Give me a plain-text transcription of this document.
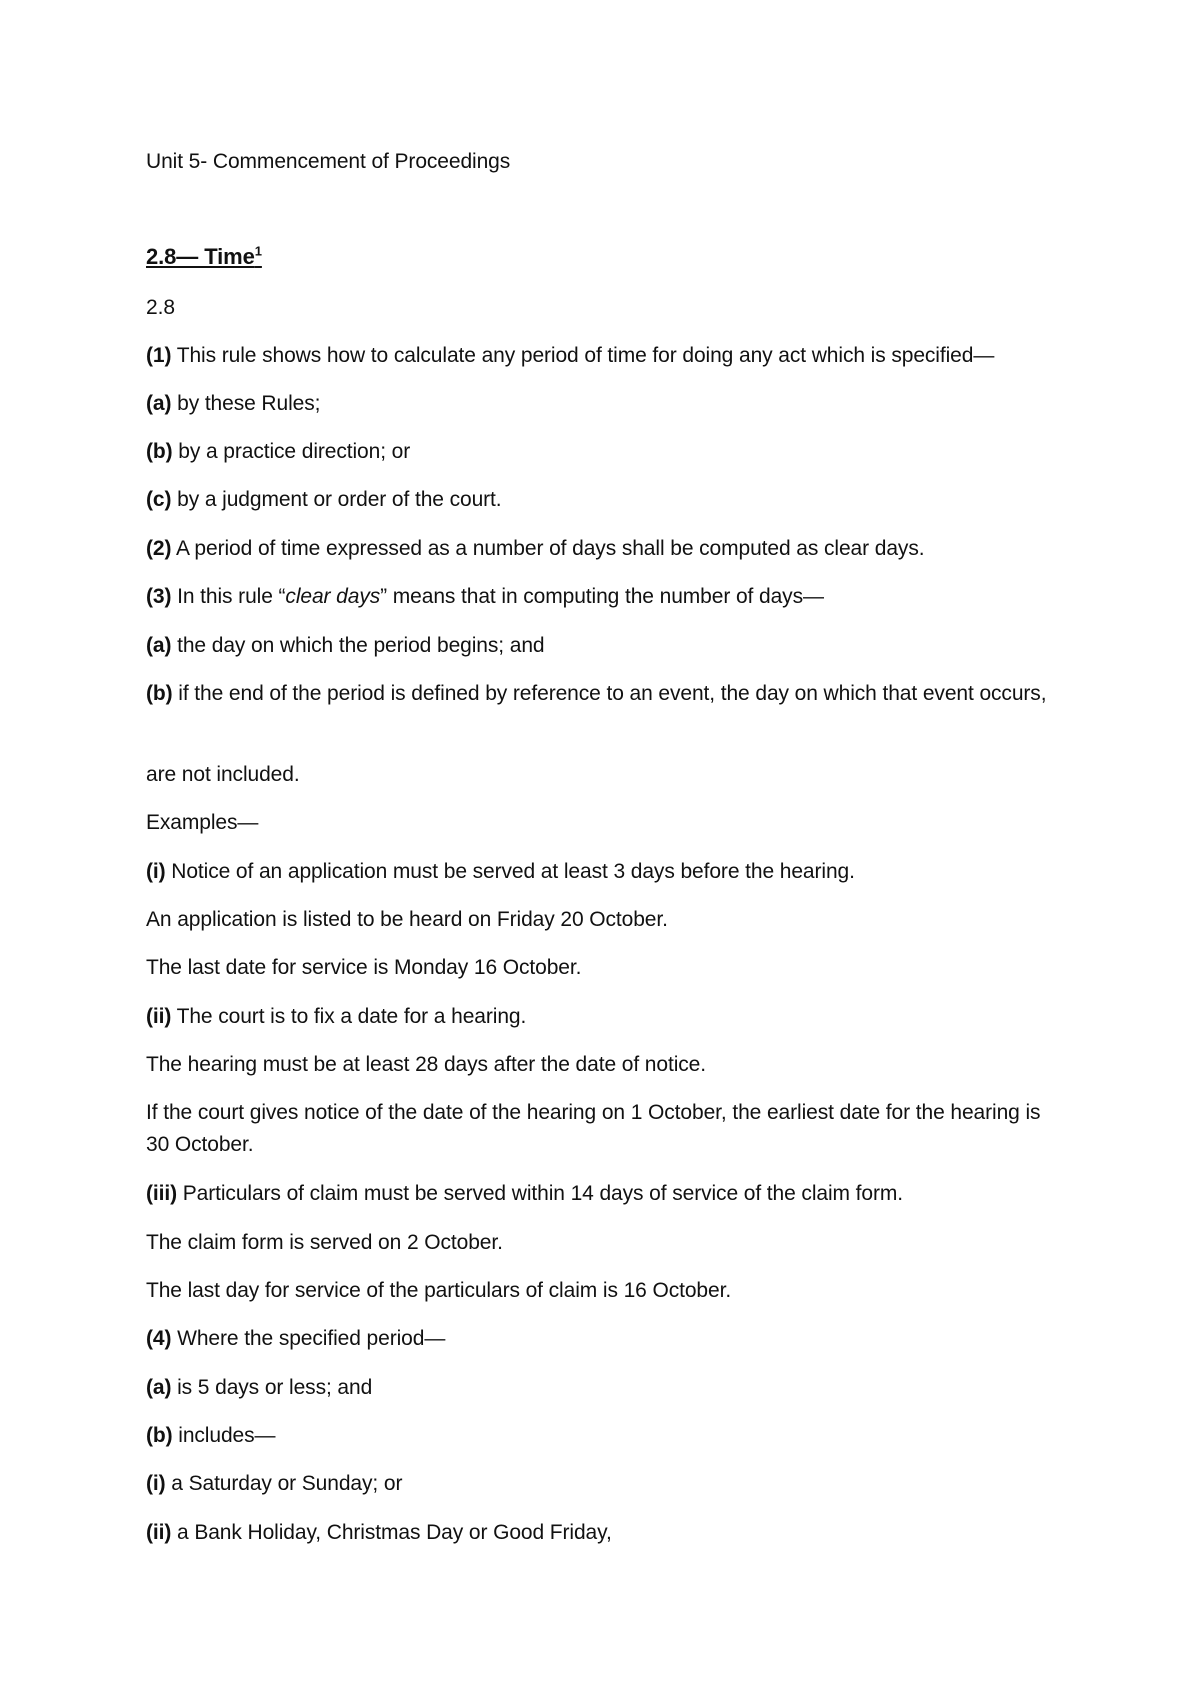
Unit 5- Commencement of Proceedings
2.8— Time$^1$
2.8
(1) This rule shows how to calculate any period of time for doing any act which is specified—
(a) by these Rules;
(b) by a practice direction; or
(c) by a judgment or order of the court.
(2) A period of time expressed as a number of days shall be computed as clear days.
(3) In this rule “clear days” means that in computing the number of days—
(a) the day on which the period begins; and
(b) if the end of the period is defined by reference to an event, the day on which that event occurs,
are not included.
Examples—
(i) Notice of an application must be served at least 3 days before the hearing.
An application is listed to be heard on Friday 20 October.
The last date for service is Monday 16 October.
(ii) The court is to fix a date for a hearing.
The hearing must be at least 28 days after the date of notice.
If the court gives notice of the date of the hearing on 1 October, the earliest date for the hearing is 30 October.
(iii) Particulars of claim must be served within 14 days of service of the claim form.
The claim form is served on 2 October.
The last day for service of the particulars of claim is 16 October.
(4) Where the specified period—
(a) is 5 days or less; and
(b) includes—
(i) a Saturday or Sunday; or
(ii) a Bank Holiday, Christmas Day or Good Friday,
